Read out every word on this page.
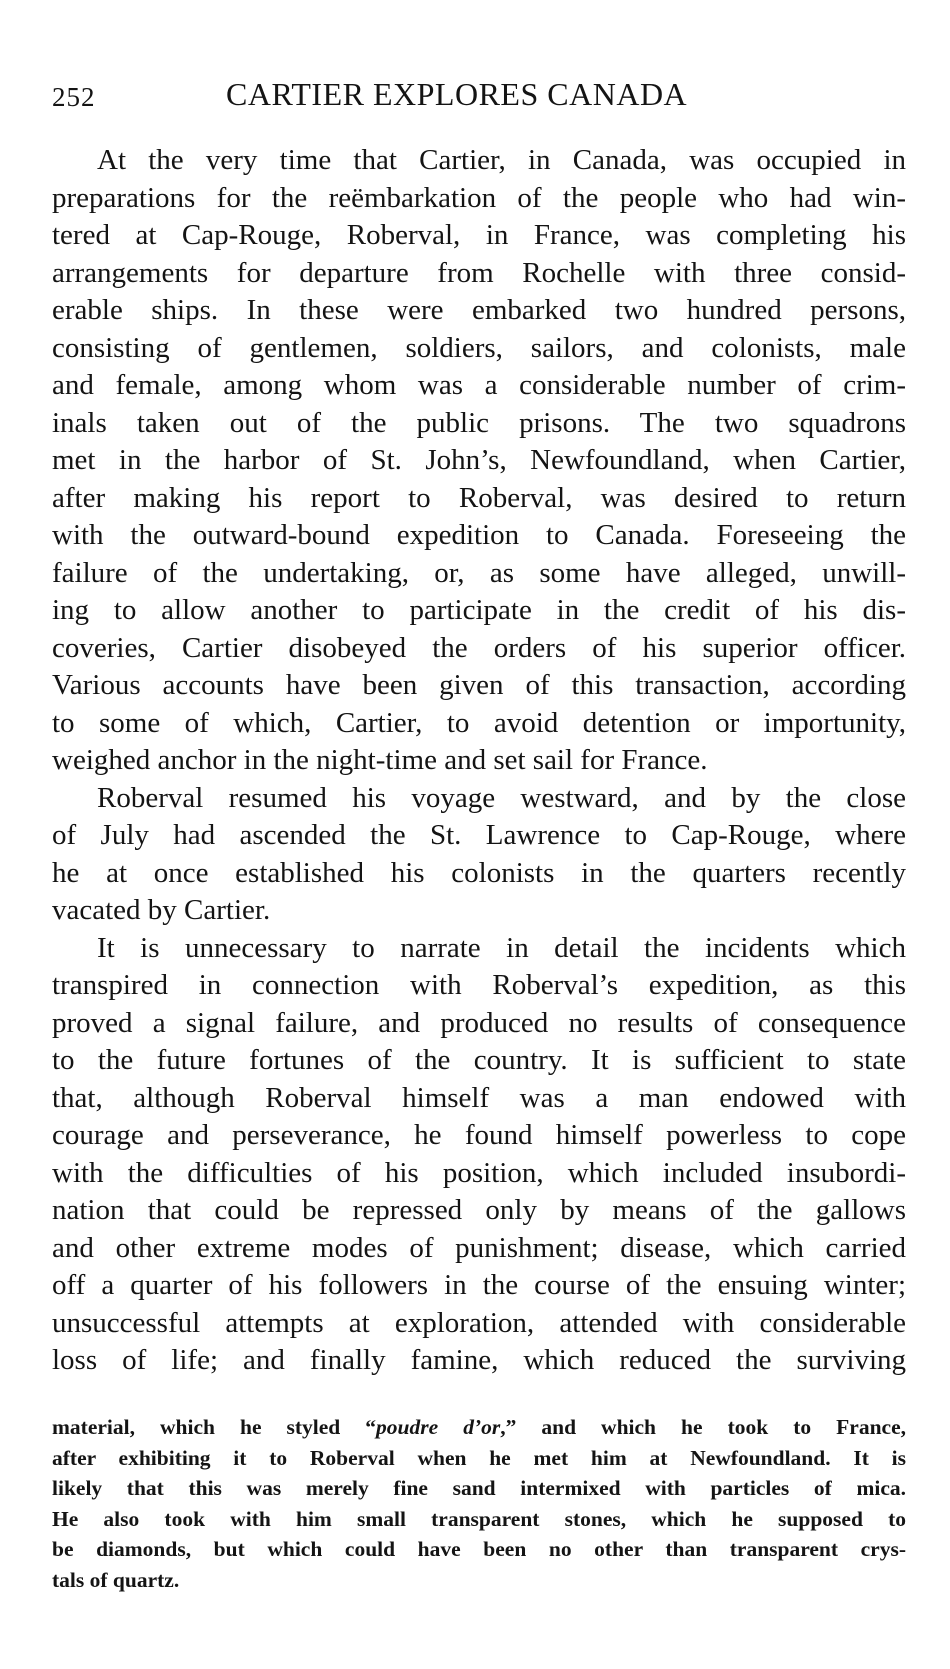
252	CARTIER EXPLORES CANADA
At the very time that Cartier, in Canada, was occupied in
preparations for the reëmbarkation of the people who had win-
tered at Cap-Rouge, Roberval, in France, was completing his
arrangements for departure from Rochelle with three consid-
erable ships. In these were embarked two hundred persons,
consisting of gentlemen, soldiers, sailors, and colonists, male
and female, among whom was a considerable number of crim-
inals taken out of the public prisons. The two squadrons
met in the harbor of St. John’s, Newfoundland, when Cartier,
after making his report to Roberval, was desired to return
with the outward-bound expedition to Canada. Foreseeing the
failure of the undertaking, or, as some have alleged, unwill-
ing to allow another to participate in the credit of his dis-
coveries, Cartier disobeyed the orders of his superior officer.
Various accounts have been given of this transaction, according
to some of which, Cartier, to avoid detention or importunity,
weighed anchor in the night-time and set sail for France.
Roberval resumed his voyage westward, and by the close
of July had ascended the St. Lawrence to Cap-Rouge, where
he at once established his colonists in the quarters recently
vacated by Cartier.
It is unnecessary to narrate in detail the incidents which
transpired in connection with Roberval’s expedition, as this
proved a signal failure, and produced no results of consequence
to the future fortunes of the country. It is sufficient to state
that, although Roberval himself was a man endowed with
courage and perseverance, he found himself powerless to cope
with the difficulties of his position, which included insubordi-
nation that could be repressed only by means of the gallows
and other extreme modes of punishment; disease, which carried
off a quarter of his followers in the course of the ensuing winter;
unsuccessful attempts at exploration, attended with considerable
loss of life; and finally famine, which reduced the surviving
material, which he styled “poudre d’or,” and which he took to France,
after exhibiting it to Roberval when he met him at Newfoundland. It is
likely that this was merely fine sand intermixed with particles of mica.
He also took with him small transparent stones, which he supposed to
be diamonds, but which could have been no other than transparent crys-
tals of quartz.
